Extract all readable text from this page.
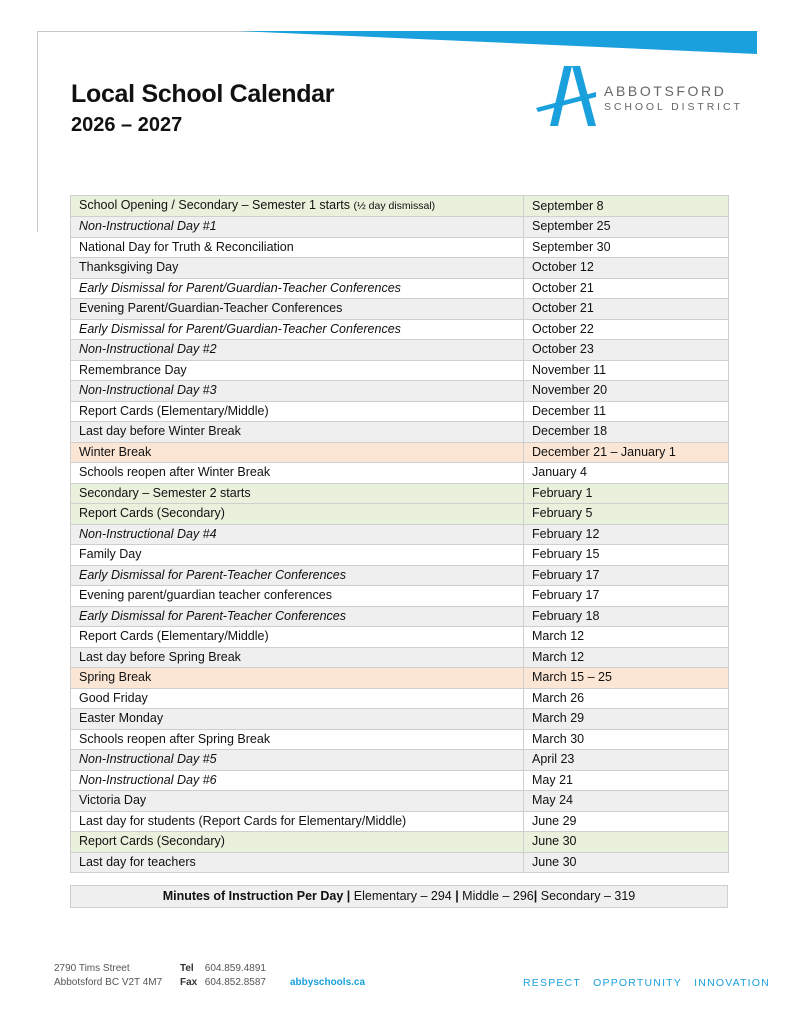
Local School Calendar
2026 – 2027
ABBOTSFORD
SCHOOL DISTRICT
School Opening / Secondary – Semester 1 starts (½ day dismissal)	September 8
Non-Instructional Day #1	September 25
National Day for Truth & Reconciliation	September 30
Thanksgiving Day	October 12
Early Dismissal for Parent/Guardian-Teacher Conferences	October 21
Evening Parent/Guardian-Teacher Conferences	October 21
Early Dismissal for Parent/Guardian-Teacher Conferences	October 22
Non-Instructional Day #2	October 23
Remembrance Day	November 11
Non-Instructional Day #3	November 20
Report Cards (Elementary/Middle)	December 11
Last day before Winter Break	December 18
Winter Break	December 21 – January 1
Schools reopen after Winter Break	January 4
Secondary – Semester 2 starts	February 1
Report Cards (Secondary)	February 5
Non-Instructional Day #4	February 12
Family Day	February 15
Early Dismissal for Parent-Teacher Conferences	February 17
Evening parent/guardian teacher conferences	February 17
Early Dismissal for Parent-Teacher Conferences	February 18
Report Cards (Elementary/Middle)	March 12
Last day before Spring Break	March 12
Spring Break	March 15 – 25
Good Friday	March 26
Easter Monday	March 29
Schools reopen after Spring Break	March 30
Non-Instructional Day #5	April 23
Non-Instructional Day #6	May 21
Victoria Day	May 24
Last day for students (Report Cards for Elementary/Middle)	June 29
Report Cards (Secondary)	June 30
Last day for teachers	June 30
Minutes of Instruction Per Day | Elementary – 294 | Middle – 296| Secondary – 319
2790 Tims Street
Abbotsford BC V2T 4M7
Tel 604.859.4891
Fax 604.852.8587 abbyschools.ca	RESPECT   OPPORTUNITY   INNOVATION
